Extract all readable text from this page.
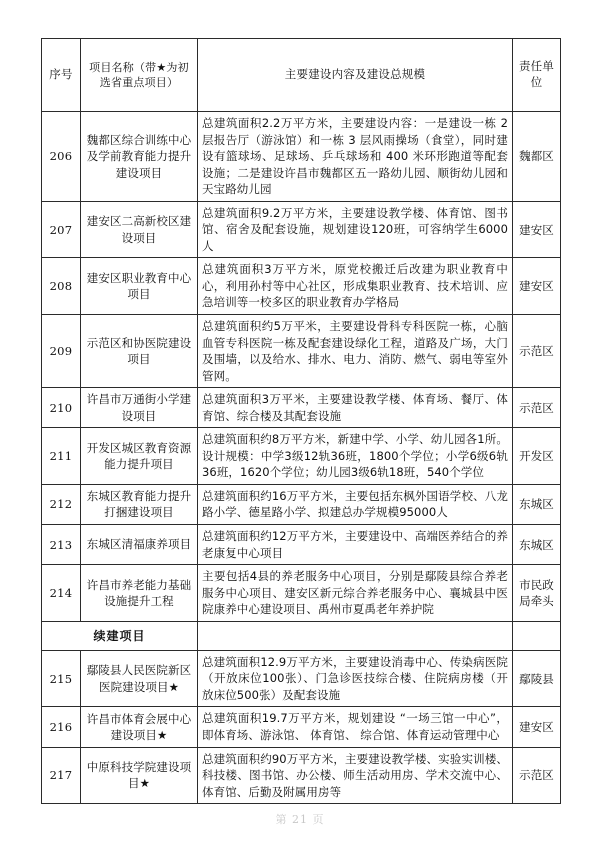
序号	项目名称（带★为初选省重点项目）	主要建设内容及建设总规模	责任单位
206	魏都区综合训练中心及学前教育能力提升建设项目	总建筑面积2.2万平方米，主要建设内容：一是建设一栋 2 层报告厅（游泳馆）和一栋 3 层风雨操场（食堂），同时建设有篮球场、足球场、乒乓球场和 400 米环形跑道等配套设施；二是建设许昌市魏都区五一路幼儿园、顺街幼儿园和天宝路幼儿园	魏都区
207	建安区二高新校区建设项目	总建筑面积9.2万平方米，主要建设教学楼、体育馆、图书馆、宿舍及配套设施，规划建设120班，可容纳学生6000人	建安区
208	建安区职业教育中心项目	总建筑面积3万平方米，原党校搬迁后改建为职业教育中心，利用孙村等中心社区，形成集职业教育、技术培训、应急培训等一校多区的职业教育办学格局	建安区
209	示范区和协医院建设项目	总建筑面积约5万平米，主要建设骨科专科医院一栋，心脑血管专科医院一栋及配套建设绿化工程，道路及广场，大门及围墙，以及给水、排水、电力、消防、燃气、弱电等室外管网。	示范区
210	许昌市万通街小学建设项目	总建筑面积3万平米，主要建设教学楼、体育场、餐厅、体育馆、综合楼及其配套设施	示范区
211	开发区城区教育资源能力提升项目	总建筑面积约8万平方米，新建中学、小学、幼儿园各1所。设计规模：中学3级12轨36班，1800个学位；小学6级6轨36班，1620个学位；幼儿园3级6轨18班，540个学位	开发区
212	东城区教育能力提升打捆建设项目	总建筑面积约16万平方米，主要包括东枫外国语学校、八龙路小学、德星路小学、拟建总办学规模95000人	东城区
213	东城区清福康养项目	总建筑面积约12万平方米，主要建设中、高端医养结合的养老康复中心项目	东城区
214	许昌市养老能力基础设施提升工程	主要包括4县的养老服务中心项目，分别是鄢陵县综合养老服务中心项目、建安区新元综合养老服务中心、襄城县中医院康养中心建设项目、禹州市夏禹老年养护院	市民政局牵头
续建项目			
215	鄢陵县人民医院新区医院建设项目★	总建筑面积12.9万平方米，主要建设消毒中心、传染病医院（开放床位100张）、门急诊医技综合楼、住院病房楼（开放床位500张）及配套设施	鄢陵县
216	许昌市体育会展中心建设项目★	总建筑面积19.7万平方米，规划建设 “一场三馆一中心”，即体育场、游泳馆、 体育馆、 综合馆、体育运动管理中心	建安区
217	中原科技学院建设项目★	总建筑面积约90万平方米，主要建设教学楼、实验实训楼、科技楼、图书馆、办公楼、师生活动用房、学术交流中心、体育馆、后勤及附属用房等	示范区
第 21 页
